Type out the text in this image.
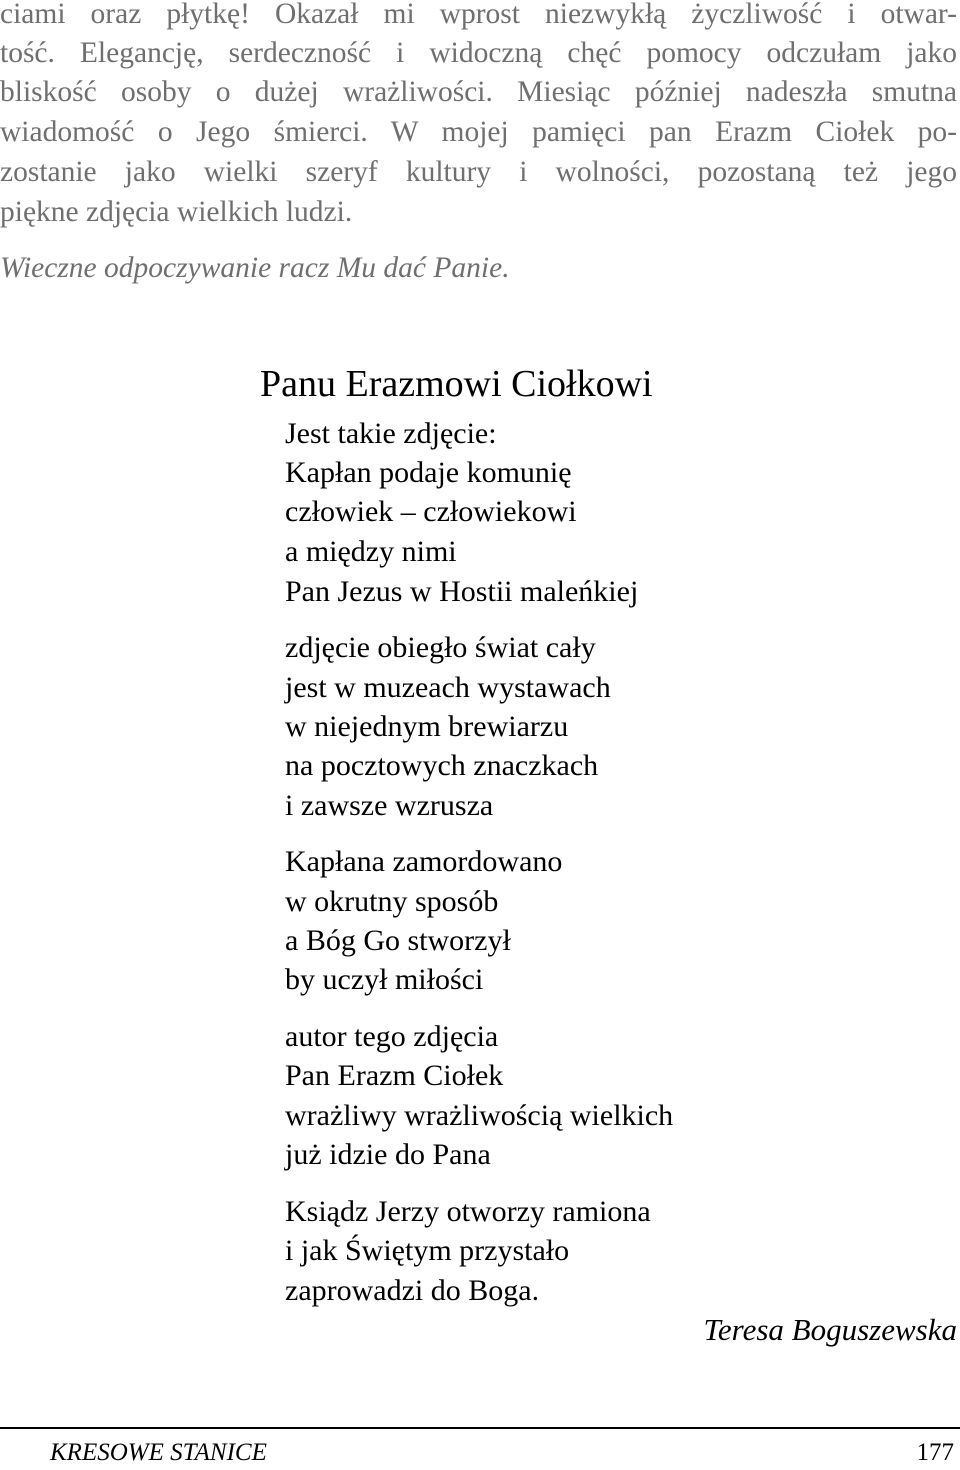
ciami oraz płytkę! Okazał mi wprost niezwykłą życzliwość i otwar-
tość. Elegancję, serdeczność i widoczną chęć pomocy odczułam jako
bliskość osoby o dużej wrażliwości. Miesiąc później nadeszła smutna
wiadomość o Jego śmierci. W mojej pamięci pan Erazm Ciołek po-
zostanie jako wielki szeryf kultury i wolności, pozostaną też jego
piękne zdjęcia wielkich ludzi.
Wieczne odpoczywanie racz Mu dać Panie.
Panu Erazmowi Ciołkowi
Jest takie zdjęcie:
Kapłan podaje komunię
człowiek – człowiekowi
a między nimi
Pan Jezus w Hostii maleńkiej
zdjęcie obiegło świat cały
jest w muzeach wystawach
w niejednym brewiarzu
na pocztowych znaczkach
i zawsze wzrusza
Kapłana zamordowano
w okrutny sposób
a Bóg Go stworzył
by uczył miłości
autor tego zdjęcia
Pan Erazm Ciołek
wrażliwy wrażliwością wielkich
już idzie do Pana
Ksiądz Jerzy otworzy ramiona
i jak Świętym przystało
zaprowadzi do Boga.
Teresa Boguszewska
KRESOWE STANICE	177
